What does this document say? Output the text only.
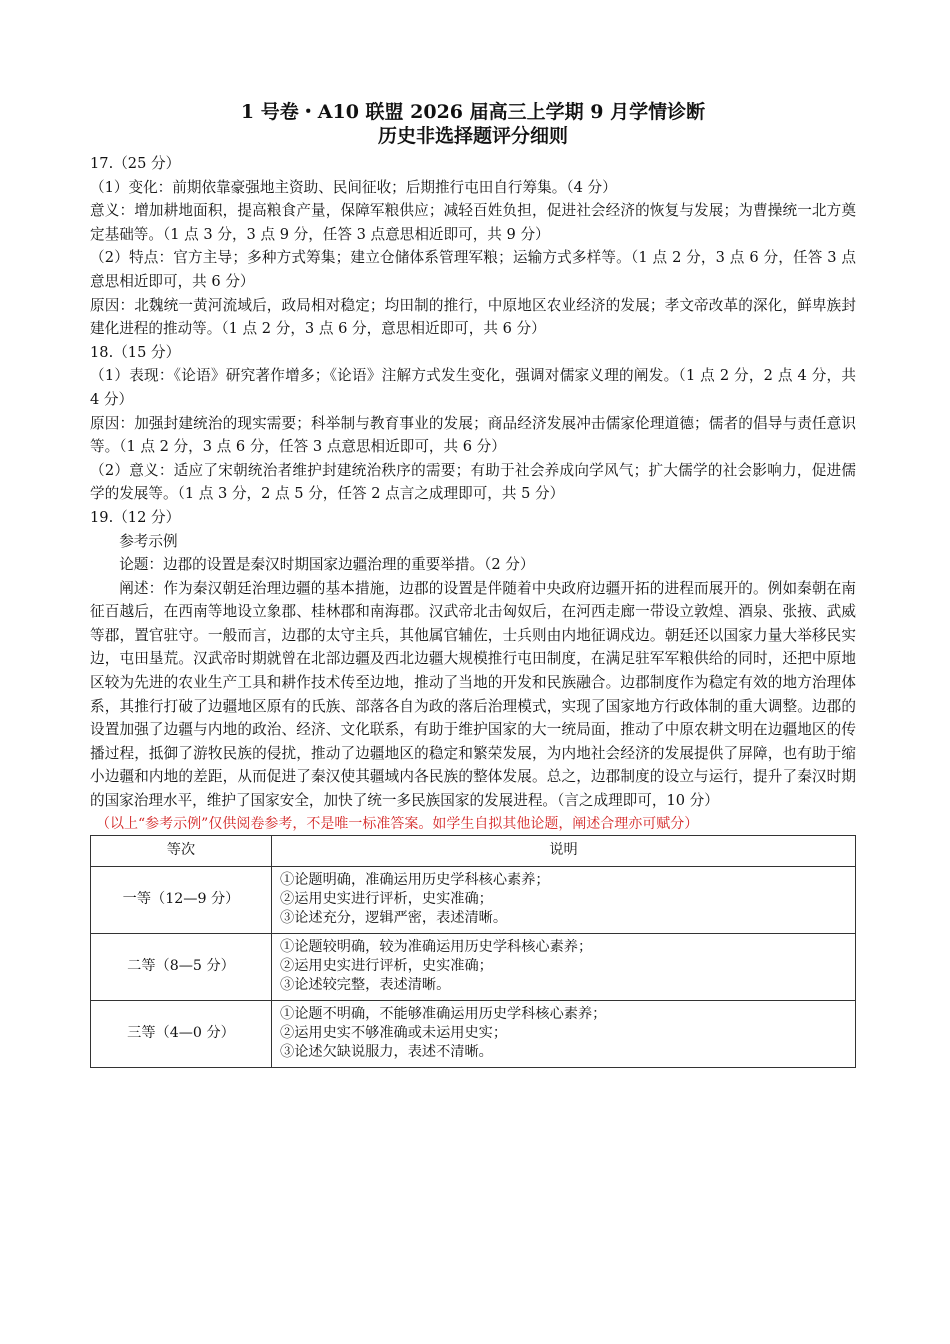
1 号卷・A10 联盟 2026 届高三上学期 9 月学情诊断
历史非选择题评分细则

17.（25 分）

（1）变化：前期依靠豪强地主资助、民间征收；后期推行屯田自行筹集。（4 分）

意义：增加耕地面积，提高粮食产量，保障军粮供应；减轻百姓负担，促进社会经济的恢复与发展；为曹操统一北方奠定基础等。（1 点 3 分，3 点 9 分，任答 3 点意思相近即可，共 9 分）

（2）特点：官方主导；多种方式筹集；建立仓储体系管理军粮；运输方式多样等。（1 点 2 分，3 点 6 分，任答 3 点意思相近即可，共 6 分）

原因：北魏统一黄河流域后，政局相对稳定；均田制的推行，中原地区农业经济的发展；孝文帝改革的深化，鲜卑族封建化进程的推动等。（1 点 2 分，3 点 6 分，意思相近即可，共 6 分）

18.（15 分）

（1）表现：《论语》研究著作增多；《论语》注解方式发生变化，强调对儒家义理的阐发。（1 点 2 分，2 点 4 分，共 4 分）

原因：加强封建统治的现实需要；科举制与教育事业的发展；商品经济发展冲击儒家伦理道德；儒者的倡导与责任意识等。（1 点 2 分，3 点 6 分，任答 3 点意思相近即可，共 6 分）

（2）意义：适应了宋朝统治者维护封建统治秩序的需要；有助于社会养成向学风气；扩大儒学的社会影响力，促进儒学的发展等。（1 点 3 分，2 点 5 分，任答 2 点言之成理即可，共 5 分）

19.（12 分）

参考示例

论题：边郡的设置是秦汉时期国家边疆治理的重要举措。（2 分）

阐述：作为秦汉朝廷治理边疆的基本措施，边郡的设置是伴随着中央政府边疆开拓的进程而展开的。例如秦朝在南征百越后，在西南等地设立象郡、桂林郡和南海郡。汉武帝北击匈奴后，在河西走廊一带设立敦煌、酒泉、张掖、武威等郡，置官驻守。一般而言，边郡的太守主兵，其他属官辅佐，士兵则由内地征调戍边。朝廷还以国家力量大举移民实边，屯田垦荒。汉武帝时期就曾在北部边疆及西北边疆大规模推行屯田制度，在满足驻军军粮供给的同时，还把中原地区较为先进的农业生产工具和耕作技术传至边地，推动了当地的开发和民族融合。边郡制度作为稳定有效的地方治理体系，其推行打破了边疆地区原有的氏族、部落各自为政的落后治理模式，实现了国家地方行政体制的重大调整。边郡的设置加强了边疆与内地的政治、经济、文化联系，有助于维护国家的大一统局面，推动了中原农耕文明在边疆地区的传播过程，抵御了游牧民族的侵扰，推动了边疆地区的稳定和繁荣发展，为内地社会经济的发展提供了屏障，也有助于缩小边疆和内地的差距，从而促进了秦汉使其疆域内各民族的整体发展。总之，边郡制度的设立与运行，提升了秦汉时期的国家治理水平，维护了国家安全，加快了统一多民族国家的发展进程。（言之成理即可，10 分）

（以上“参考示例”仅供阅卷参考，不是唯一标准答案。如学生自拟其他论题，阐述合理亦可赋分）

等次	说明
一等（12—9 分）	①论题明确，准确运用历史学科核心素养；
②运用史实进行评析，史实准确；
③论述充分，逻辑严密，表述清晰。

二等（8—5 分）	①论题较明确，较为准确运用历史学科核心素养；
②运用史实进行评析，史实准确；
③论述较完整，表述清晰。

三等（4—0 分）	①论题不明确，不能够准确运用历史学科核心素养；
②运用史实不够准确或未运用史实；
③论述欠缺说服力，表述不清晰。
